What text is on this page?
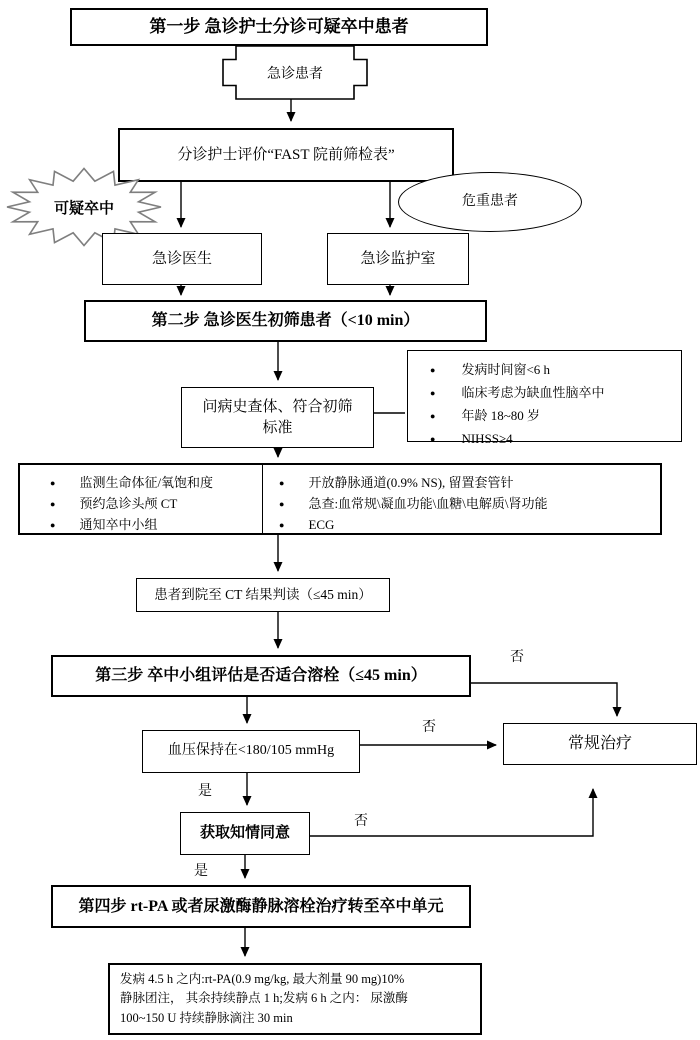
第一步 急诊护士分诊可疑卒中患者
急诊患者
分诊护士评价“FAST 院前筛检表”
可疑卒中	危重患者
急诊医生	急诊监护室
第二步 急诊医生初筛患者（<10 min）
问病史查体、符合初筛
标准
● 发病时间窗<6 h
● 临床考虑为缺血性脑卒中
● 年龄 18~80 岁
● NIHSS≥4
● 监测生命体征/氧饱和度
● 预约急诊头颅 CT
● 通知卒中小组
● 开放静脉通道(0.9% NS), 留置套管针
● 急查:血常规\凝血功能\血糖\电解质\肾功能
● ECG
患者到院至 CT 结果判读（≤45 min）
第三步 卒中小组评估是否适合溶栓（≤45 min）
常规治疗
血压保持在<180/105 mmHg
获取知情同意
第四步 rt-PA 或者尿激酶静脉溶栓治疗转至卒中单元
发病 4.5 h 之内:rt-PA(0.9 mg/kg, 最大剂量 90 mg)10%
静脉团注， 其余持续静点 1 h;发病 6 h 之内： 尿激酶
100~150 U 持续静脉滴注 30 min
否
否
否
是
是
